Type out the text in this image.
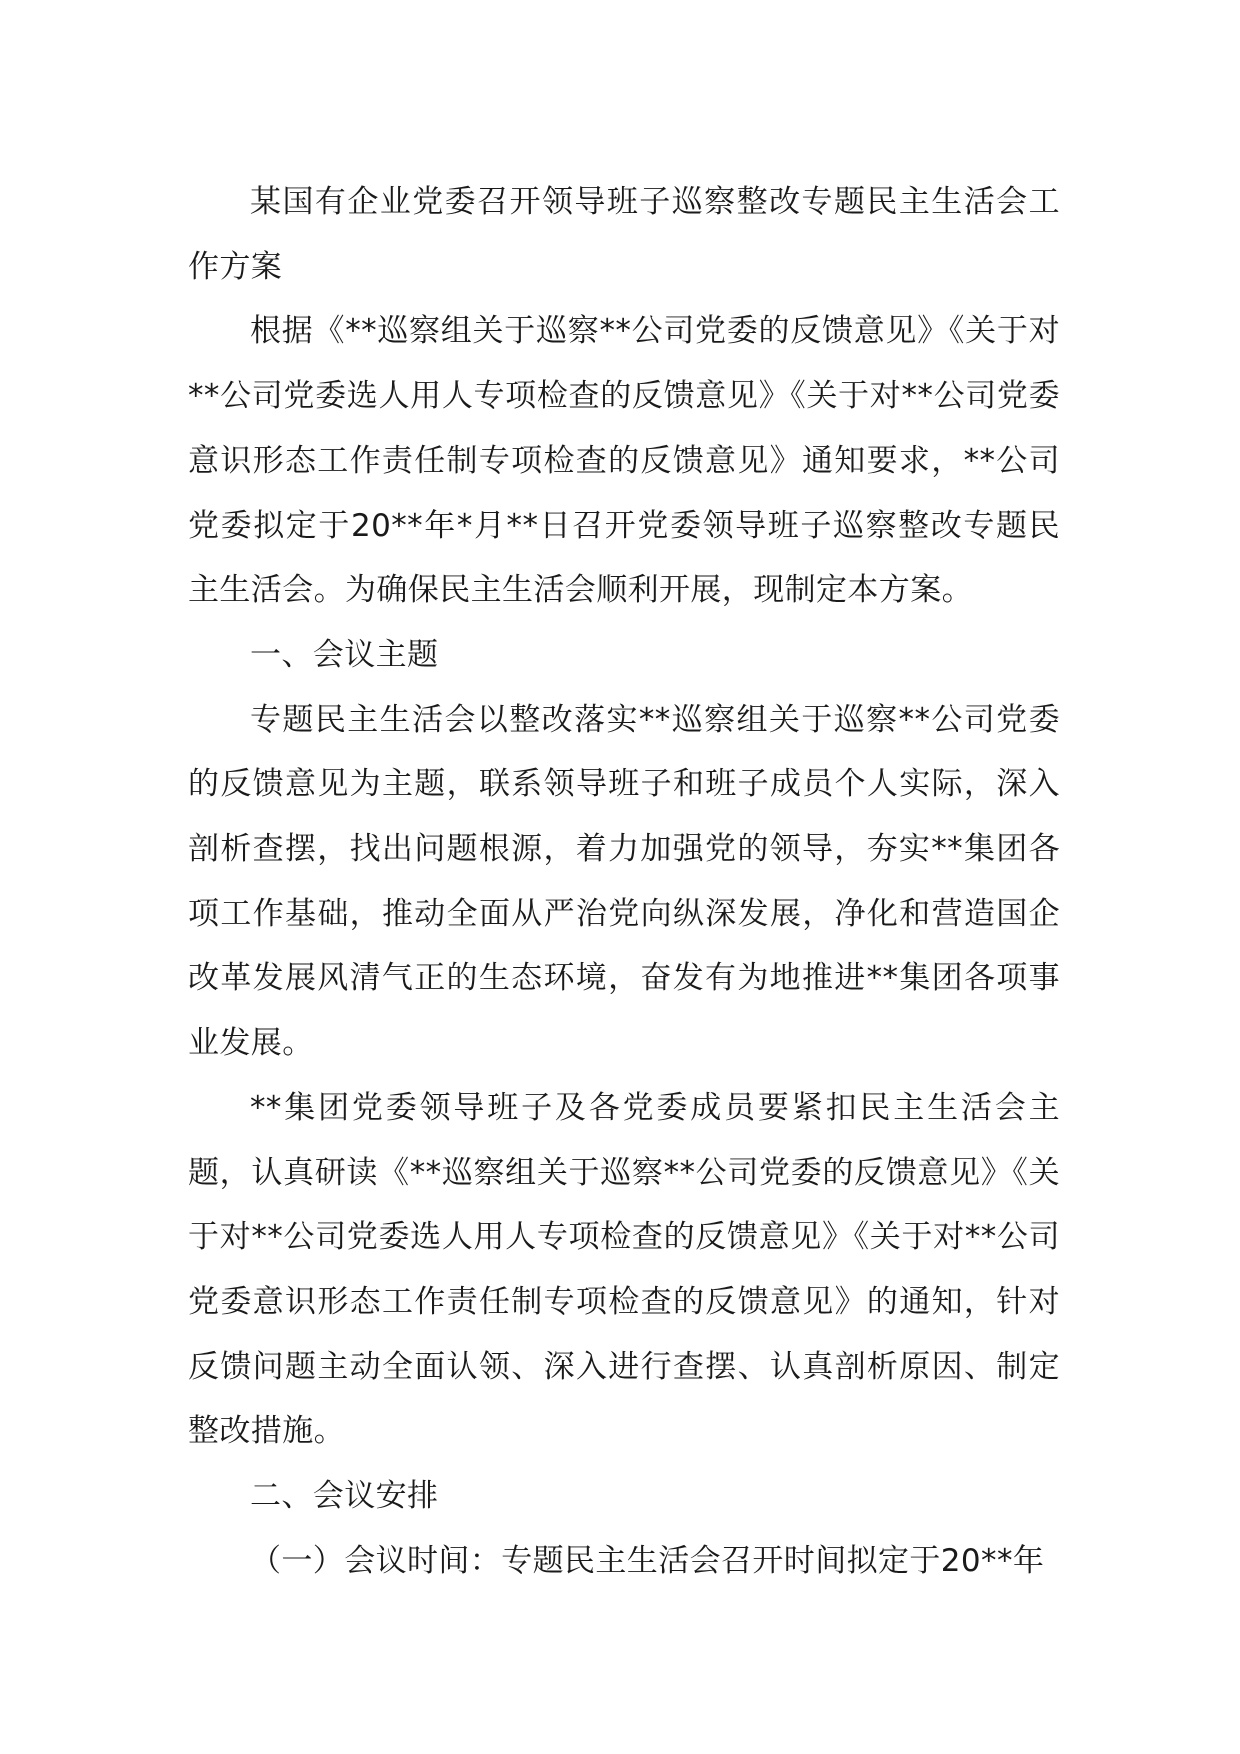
某国有企业党委召开领导班子巡察整改专题民主生活会工作方案

根据《**巡察组关于巡察**公司党委的反馈意见》《关于对**公司党委选人用人专项检查的反馈意见》《关于对**公司党委意识形态工作责任制专项检查的反馈意见》通知要求，**公司党委拟定于20**年*月**日召开党委领导班子巡察整改专题民主生活会。为确保民主生活会顺利开展，现制定本方案。

一、会议主题

专题民主生活会以整改落实**巡察组关于巡察**公司党委的反馈意见为主题，联系领导班子和班子成员个人实际，深入剖析查摆，找出问题根源，着力加强党的领导，夯实**集团各项工作基础，推动全面从严治党向纵深发展，净化和营造国企改革发展风清气正的生态环境，奋发有为地推进**集团各项事业发展。

**集团党委领导班子及各党委成员要紧扣民主生活会主题，认真研读《**巡察组关于巡察**公司党委的反馈意见》《关于对**公司党委选人用人专项检查的反馈意见》《关于对**公司党委意识形态工作责任制专项检查的反馈意见》的通知，针对反馈问题主动全面认领、深入进行查摆、认真剖析原因、制定整改措施。

二、会议安排

（一）会议时间：专题民主生活会召开时间拟定于20**年
